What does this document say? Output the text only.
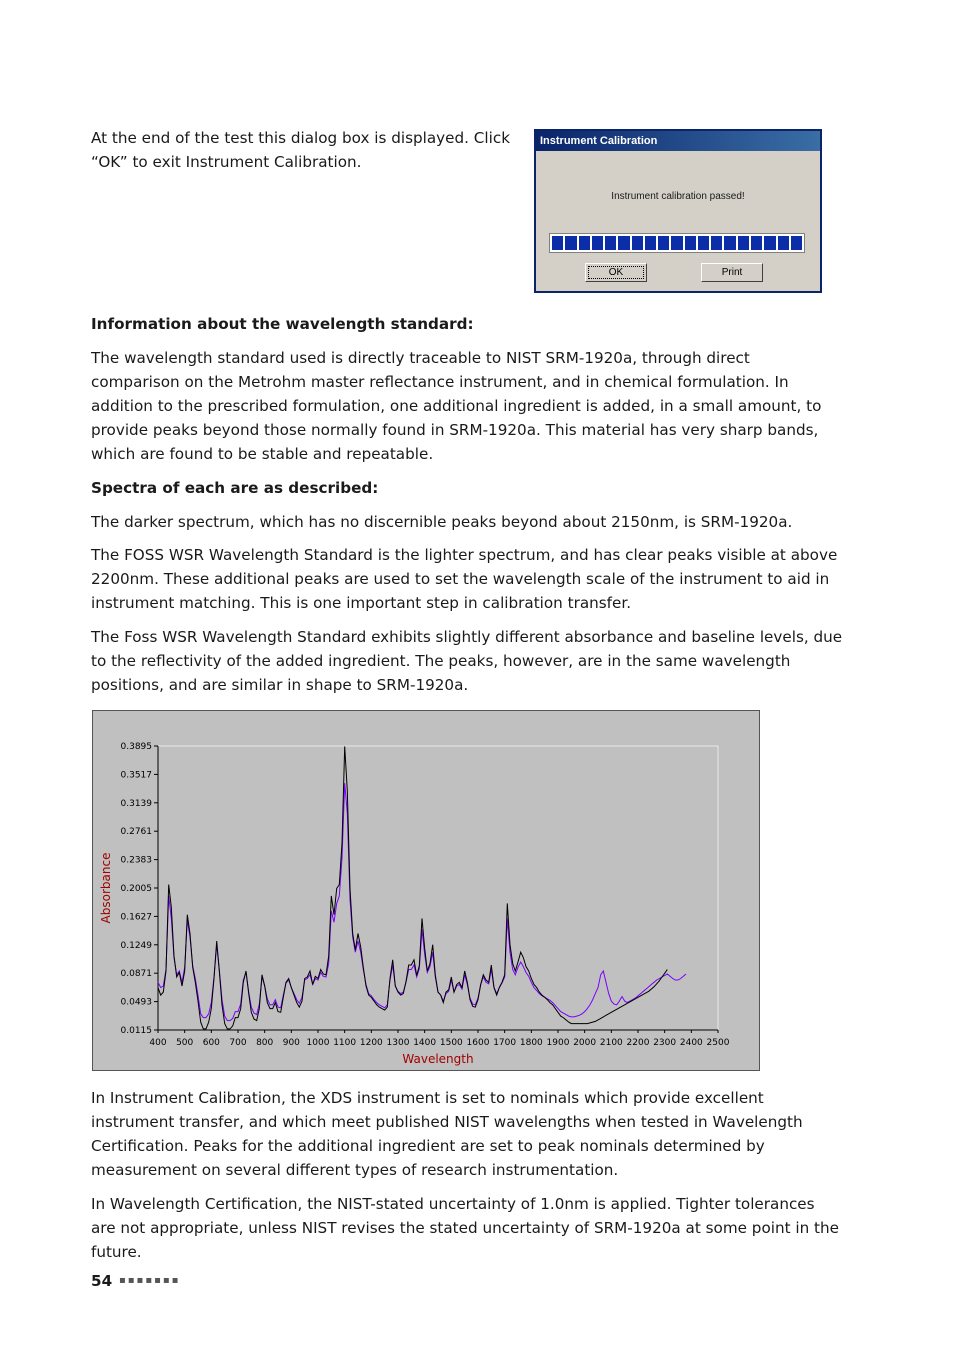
At the end of the test this dialog box is displayed. Click “OK” to exit Instrument Calibration.

Instrument Calibration
Instrument calibration passed!
OK	Print

Information about the wavelength standard:

The wavelength standard used is directly traceable to NIST SRM-1920a, through direct comparison on the Metrohm master reflectance instrument, and in chemical formulation. In addition to the prescribed formulation, one additional ingredient is added, in a small amount, to provide peaks beyond those normally found in SRM-1920a. This material has very sharp bands, which are found to be stable and repeatable.

Spectra of each are as described:

The darker spectrum, which has no discernible peaks beyond about 2150nm, is SRM-1920a.

The FOSS WSR Wavelength Standard is the lighter spectrum, and has clear peaks visible at above 2200nm. These additional peaks are used to set the wavelength scale of the instrument to aid in instrument matching. This is one important step in calibration transfer.

The Foss WSR Wavelength Standard exhibits slightly different absorbance and baseline levels, due to the reflectivity of the added ingredient. The peaks, however, are in the same wavelength positions, and are similar in shape to SRM-1920a.

0.3895
0.3517
0.3139
0.2761
0.2383
0.2005
0.1627
0.1249
0.0871
0.0493
0.0115
400 500 600 700 800 900 1000 1100 1200 1300 1400 1500 1600 1700 1800 1900 2000 2100 2200 2300 2400 2500
Wavelength
Absorbance

In Instrument Calibration, the XDS instrument is set to nominals which provide excellent instrument transfer, and which meet published NIST wavelengths when tested in Wavelength Certification. Peaks for the additional ingredient are set to peak nominals determined by measurement on several different types of research instrumentation.

In Wavelength Certification, the NIST-stated uncertainty of 1.0nm is applied. Tighter tolerances are not appropriate, unless NIST revises the stated uncertainty of SRM-1920a at some point in the future.

54 ▪▪▪▪▪▪▪
